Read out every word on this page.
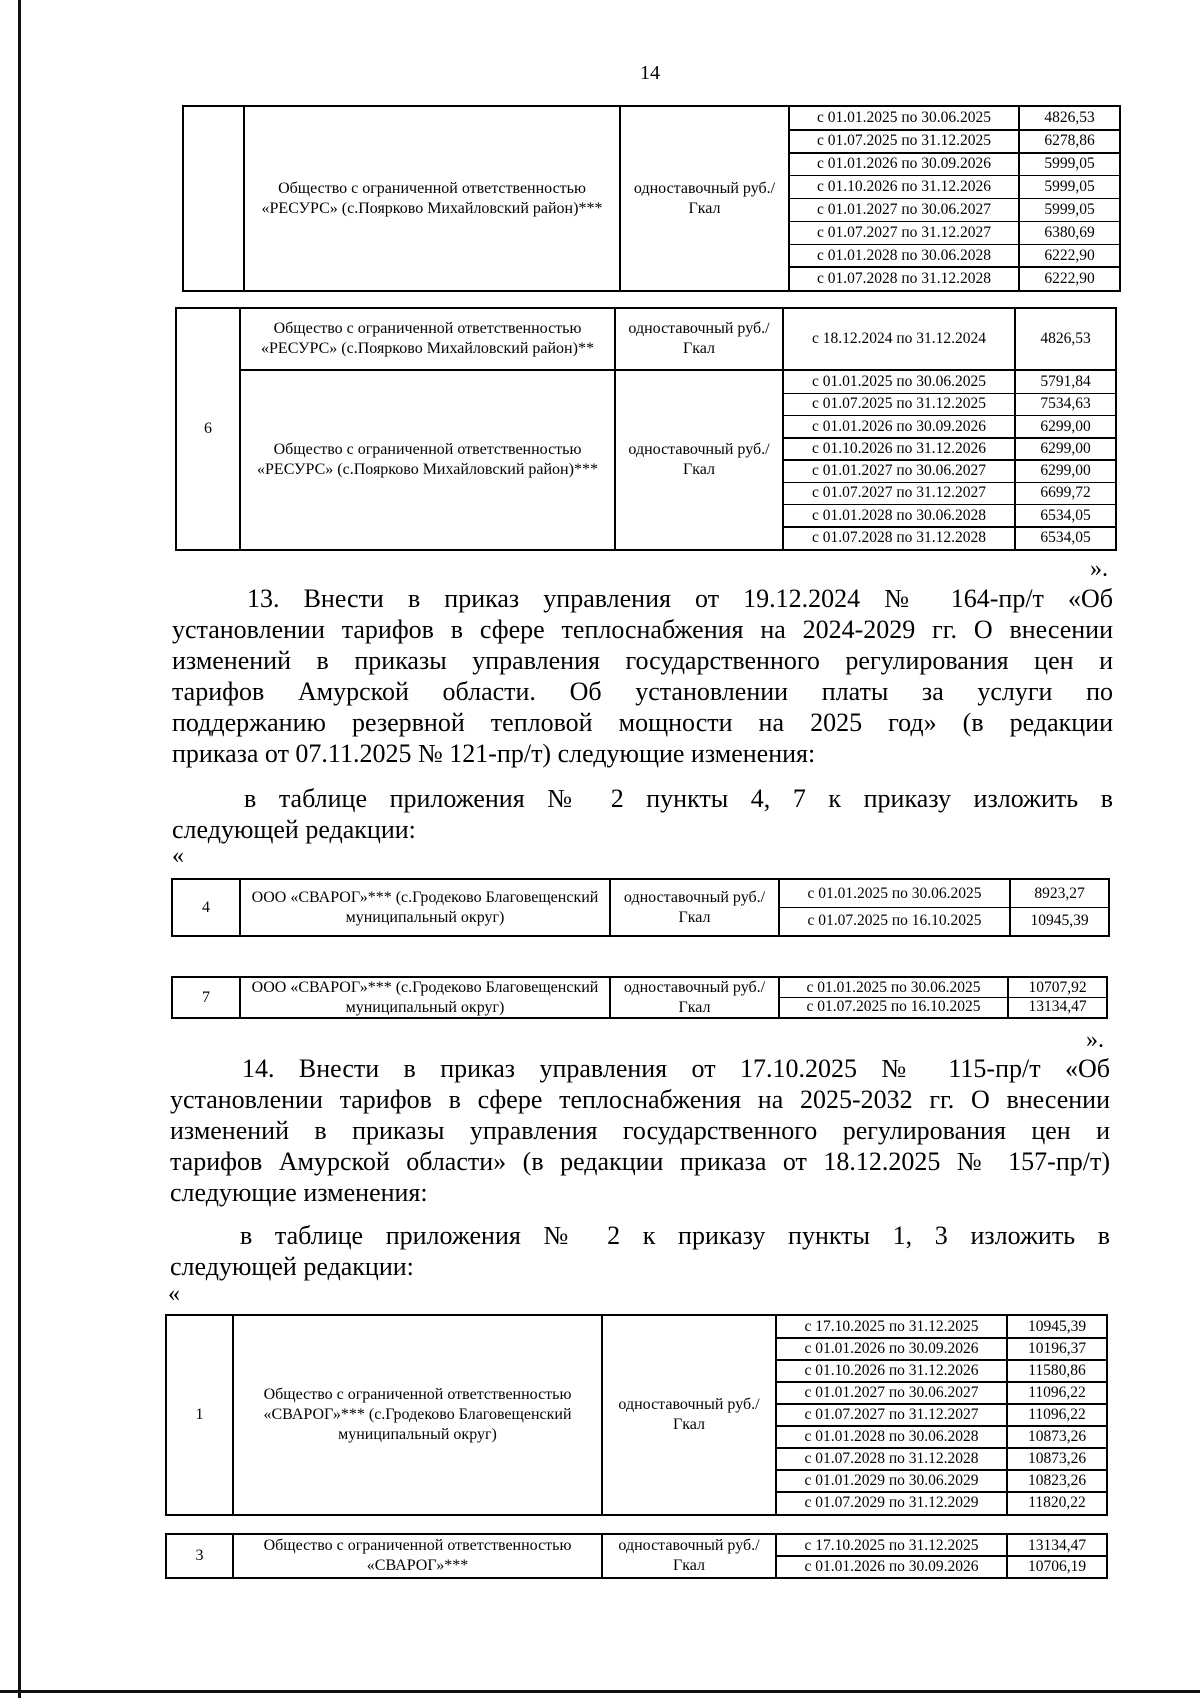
14
Общество с ограниченной ответственностью «РЕСУРС» (с.Поярково Михайловский район)***
одноставочный руб./Гкал
с 01.01.2025 по 30.06.2025	4826,53
с 01.07.2025 по 31.12.2025	6278,86
с 01.01.2026 по 30.09.2026	5999,05
с 01.10.2026 по 31.12.2026	5999,05
с 01.01.2027 по 30.06.2027	5999,05
с 01.07.2027 по 31.12.2027	6380,69
с 01.01.2028 по 30.06.2028	6222,90
с 01.07.2028 по 31.12.2028	6222,90
6
Общество с ограниченной ответственностью «РЕСУРС» (с.Поярково Михайловский район)**
одноставочный руб./Гкал
с 18.12.2024 по 31.12.2024	4826,53
Общество с ограниченной ответственностью «РЕСУРС» (с.Поярково Михайловский район)***
одноставочный руб./Гкал
с 01.01.2025 по 30.06.2025	5791,84
с 01.07.2025 по 31.12.2025	7534,63
с 01.01.2026 по 30.09.2026	6299,00
с 01.10.2026 по 31.12.2026	6299,00
с 01.01.2027 по 30.06.2027	6299,00
с 01.07.2027 по 31.12.2027	6699,72
с 01.01.2028 по 30.06.2028	6534,05
с 01.07.2028 по 31.12.2028	6534,05
».
13. Внести в приказ управления от 19.12.2024 № 164-пр/т «Об
установлении тарифов в сфере теплоснабжения на 2024-2029 гг. О внесении
изменений в приказы управления государственного регулирования цен и
тарифов Амурской области. Об установлении платы за услуги по
поддержанию резервной тепловой мощности на 2025 год» (в редакции
приказа от 07.11.2025 № 121-пр/т) следующие изменения:
в таблице приложения № 2 пункты 4, 7 к приказу изложить в
следующей редакции:
«
4
ООО «СВАРОГ»*** (с.Гродеково Благовещенский муниципальный округ)
одноставочный руб./Гкал
с 01.01.2025 по 30.06.2025	8923,27
с 01.07.2025 по 16.10.2025	10945,39
7
ООО «СВАРОГ»*** (с.Гродеково Благовещенский муниципальный округ)
одноставочный руб./Гкал
с 01.01.2025 по 30.06.2025	10707,92
с 01.07.2025 по 16.10.2025	13134,47
».
14. Внести в приказ управления от 17.10.2025 № 115-пр/т «Об
установлении тарифов в сфере теплоснабжения на 2025-2032 гг. О внесении
изменений в приказы управления государственного регулирования цен и
тарифов Амурской области» (в редакции приказа от 18.12.2025 № 157-пр/т)
следующие изменения:
в таблице приложения № 2 к приказу пункты 1, 3 изложить в
следующей редакции:
«
1
Общество с ограниченной ответственностью «СВАРОГ»*** (с.Гродеково Благовещенский муниципальный округ)
одноставочный руб./Гкал
с 17.10.2025 по 31.12.2025	10945,39
с 01.01.2026 по 30.09.2026	10196,37
с 01.10.2026 по 31.12.2026	11580,86
с 01.01.2027 по 30.06.2027	11096,22
с 01.07.2027 по 31.12.2027	11096,22
с 01.01.2028 по 30.06.2028	10873,26
с 01.07.2028 по 31.12.2028	10873,26
с 01.01.2029 по 30.06.2029	10823,26
с 01.07.2029 по 31.12.2029	11820,22
3
Общество с ограниченной ответственностью «СВАРОГ»***
одноставочный руб./Гкал
с 17.10.2025 по 31.12.2025	13134,47
с 01.01.2026 по 30.09.2026	10706,19
